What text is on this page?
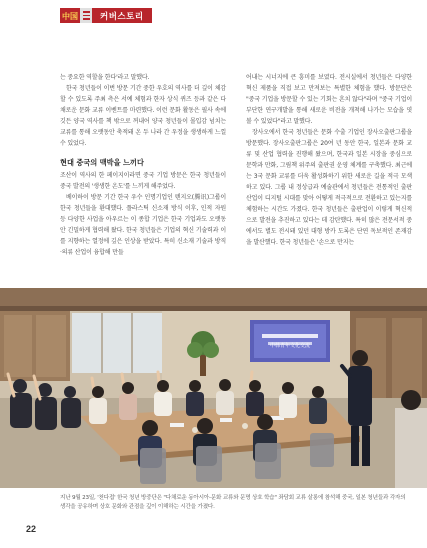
中国	커버스토리

는 중요한 역할을 한다'라고 말했다.

한국 청년들이 이번 방문 기간 중한 우호의 역사를 더 깊이 체감할 수 있도록 주최 측은 서예 체험과 한자 상식 퀴즈 등과 같은 다채로운 문화 교류 이벤트를 마련했다. 이런 문화 활동은 필사 속에 깃든 양국 역사를 책 밖으로 꺼내어 양국 청년들이 몰입감 넘치는 교류를 통해 오랫동안 축적돼 온 두 나라 간 우정을 생생하게 느낄 수 있었다.

현대 중국의 맥박을 느끼다

조산이 역사의 한 페이지이라면 중국 기업 방문은 한국 청년들이 중국 발전의 '생생한 온도'를 느끼게 해주었다.

베이하이 방문 기간 한국 우수 인명기업인 텐지오(腾讯)그룹이 한국 청년들을 환대했다. 플라스틱 신소재 방식 이후, 인적 자원 등 다양한 사업을 아우르는 이 종합 기업은 한국 기업과도 오랫동안 긴밀하게 협력해 왔다. 한국 청년들은 기업의 혁신 기술력과 이를 지향하는 열정에 깊은 인상을 받았다. 특히 신소재 기술과 방직·의류 산업이 융합해 만들

어내는 시너지에 큰 흥미를 보였다. 전시실에서 청년들은 다양한 혁신 제품을 직접 보고 만져보는 특별한 체험을 했다. 방문단은 "중국 기업을 방문할 수 있는 기회는 흔치 않다"라며 "중국 기업이 부단한 연구개발을 통해 새로운 비전을 개척해 나가는 모습을 엿볼 수 있었다"라고 말했다.

장사오에서 한국 청년들은 문화 수출 기업인 장사오출판그룹을 방문했다. 장사오출판그룹은 20여 년 동안 한국, 일본과 문화 교류 및 산업 협력을 진행해 왔으며, 한국과 일본 시장을 중심으로 문학과 만화, 그림책 위주의 출판권 운영 체계를 구축했다. 최근에는 3국 문화 교류를 더욱 활성화하기 위한 새로운 길을 적극 모색하고 있다. 그룹 내 정상급과 예술관에서 청년들은 전통적인 출판 산업이 디지털 시대를 맞아 어떻게 적극적으로 전환하고 있는지를 체험하는 시간도 가졌다. 한국 청년들은 출판업이 이렇게 혁신적으로 발전을 추진하고 있다는 데 감탄했다. 특히 많은 전문서적 중에서도 별도 전시돼 있던 대형 방카 도록은 단연 독보적인 존재감을 발산했다. 한국 청년들은 '손으로 만지는

中韩青年文化交流
지난 9월 23일, '천다접' 한국 청년 방중단은 "다채로운 동아시아-문화 교류와 문명 상호 학습" 좌담회 교류 살롱에 참석해 중국, 일본 청년들과 각자의 생각을 공유하며 상호 문화와 관점을 깊이 이해하는 시간을 가졌다.
22
